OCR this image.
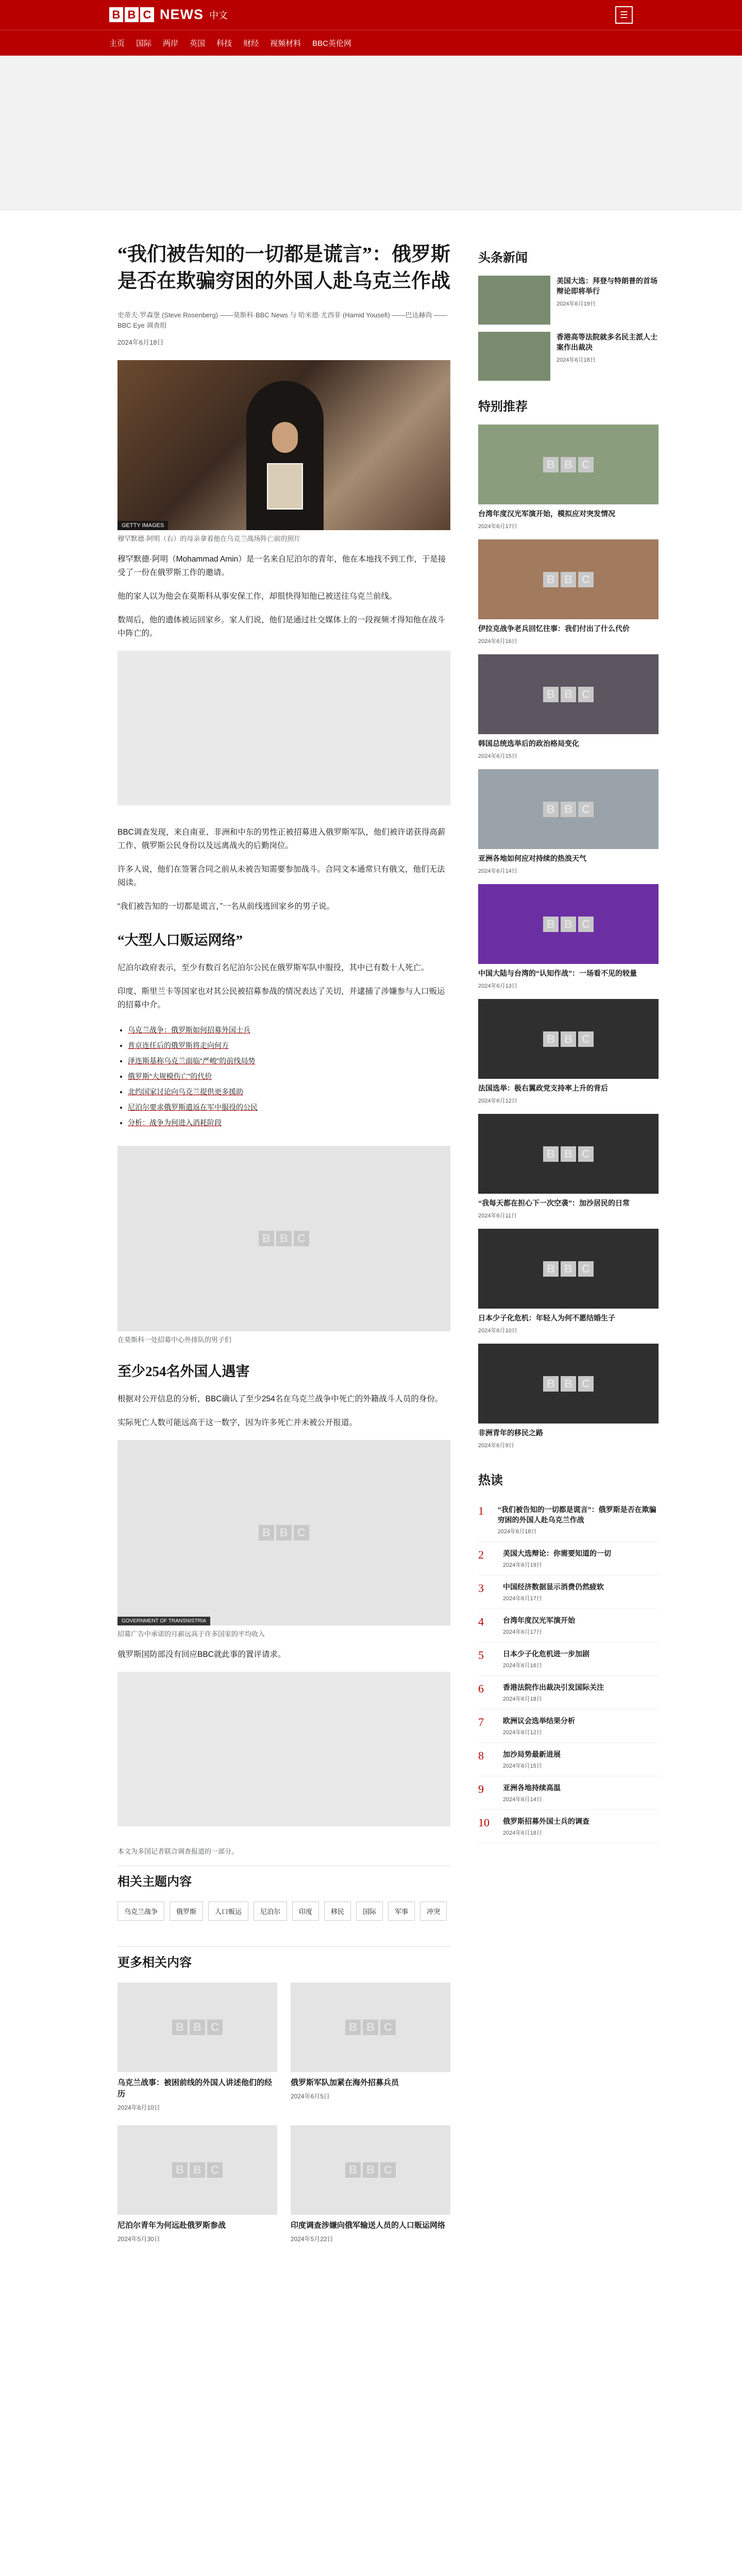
B B C NEWS 中文	☰
主页 国际 两岸 英国 科技 财经 视频材料 BBC英伦网
“我们被告知的一切都是谎言”：俄罗斯是否在欺骗穷困的外国人赴乌克兰作战
史蒂夫·罗森堡 (Steve Rosenberg) ——莫斯科·BBC News 与 哈米德·尤西菲 (Hamid Yousefi) ——巴达赫尚 ——BBC Eye 调查组
2024年6月18日
GETTY IMAGES
穆罕默德·阿明（右）的母亲拿着他在乌克兰战场阵亡前的照片

穆罕默德·阿明（Mohammad Amin）是一名来自尼泊尔的青年，他在本地找不到工作，于是接受了一份在俄罗斯工作的邀请。

他的家人以为他会在莫斯科从事安保工作，却很快得知他已被送往乌克兰前线。

数周后，他的遗体被运回家乡。家人们说，他们是通过社交媒体上的一段视频才得知他在战斗中阵亡的。

BBC调查发现，来自南亚、非洲和中东的男性正被招募进入俄罗斯军队，他们被许诺获得高薪工作、俄罗斯公民身份以及远离战火的后勤岗位。

许多人说，他们在签署合同之前从未被告知需要参加战斗。合同文本通常只有俄文，他们无法阅读。

“我们被告知的一切都是谎言，”一名从前线逃回家乡的男子说。

“大型人口贩运网络”

尼泊尔政府表示，至少有数百名尼泊尔公民在俄罗斯军队中服役，其中已有数十人死亡。

印度、斯里兰卡等国家也对其公民被招募参战的情况表达了关切，并逮捕了涉嫌参与人口贩运的招募中介。

• 乌克兰战争：俄罗斯如何招募外国士兵
• 普京连任后的俄罗斯将走向何方
• 泽连斯基称乌克兰面临“严峻”的前线局势
• 俄罗斯“大规模伤亡”的代价
• 北约国家讨论向乌克兰提供更多援助
• 尼泊尔要求俄罗斯遣返在军中服役的公民
• 分析：战争为何进入消耗阶段
B B C
在莫斯科一处招募中心外排队的男子们
至少254名外国人遇害

根据对公开信息的分析，BBC确认了至少254名在乌克兰战争中死亡的外籍战斗人员的身份。

实际死亡人数可能远高于这一数字，因为许多死亡并未被公开报道。

B B C
GOVERNMENT OF TRANSNISTRIA
招募广告中承诺的月薪远高于许多国家的平均收入

俄罗斯国防部没有回应BBC就此事的置评请求。

本文为多国记者联合调查报道的一部分。
相关主题内容
乌克兰战争	俄罗斯	人口贩运	尼泊尔	印度	移民	国际	军事	冲突
更多相关内容
B B C
乌克兰战事：被困前线的外国人讲述他们的经历
2024年6月10日
B B C
俄罗斯军队加紧在海外招募兵员
2024年6月5日
B B C
尼泊尔青年为何远赴俄罗斯参战
2024年5月30日
B B C
印度调查涉嫌向俄军输送人员的人口贩运网络
2024年5月22日
头条新闻
美国大选：拜登与特朗普的首场辩论即将举行
2024年6月19日
香港高等法院就多名民主派人士案作出裁决
2024年6月18日
特别推荐
B B C
台湾年度汉光军演开始，模拟应对突发情况
2024年6月17日
B B C
伊拉克战争老兵回忆往事：我们付出了什么代价
2024年6月16日
B B C
韩国总统选举后的政治格局变化
2024年6月15日
B B C
亚洲各地如何应对持续的热浪天气
2024年6月14日
B B C
中国大陆与台湾的“认知作战”：一场看不见的较量
2024年6月13日
B B C
法国选举：极右翼政党支持率上升的背后
2024年6月12日
B B C
“我每天都在担心下一次空袭”：加沙居民的日常
2024年6月11日
B B C
日本少子化危机：年轻人为何不愿结婚生子
2024年6月10日
B B C
非洲青年的移民之路
2024年6月9日
热读
1	“我们被告知的一切都是谎言”：俄罗斯是否在欺骗穷困的外国人赴乌克兰作战
2024年6月18日
2	美国大选辩论：你需要知道的一切
2024年6月19日
3	中国经济数据显示消费仍然疲软
2024年6月17日
4	台湾年度汉光军演开始
2024年6月17日
5	日本少子化危机进一步加剧
2024年6月16日
6	香港法院作出裁决引发国际关注
2024年6月18日
7	欧洲议会选举结果分析
2024年6月12日
8	加沙局势最新进展
2024年6月15日
9	亚洲各地持续高温
2024年6月14日
10	俄罗斯招募外国士兵的调查
2024年6月18日
